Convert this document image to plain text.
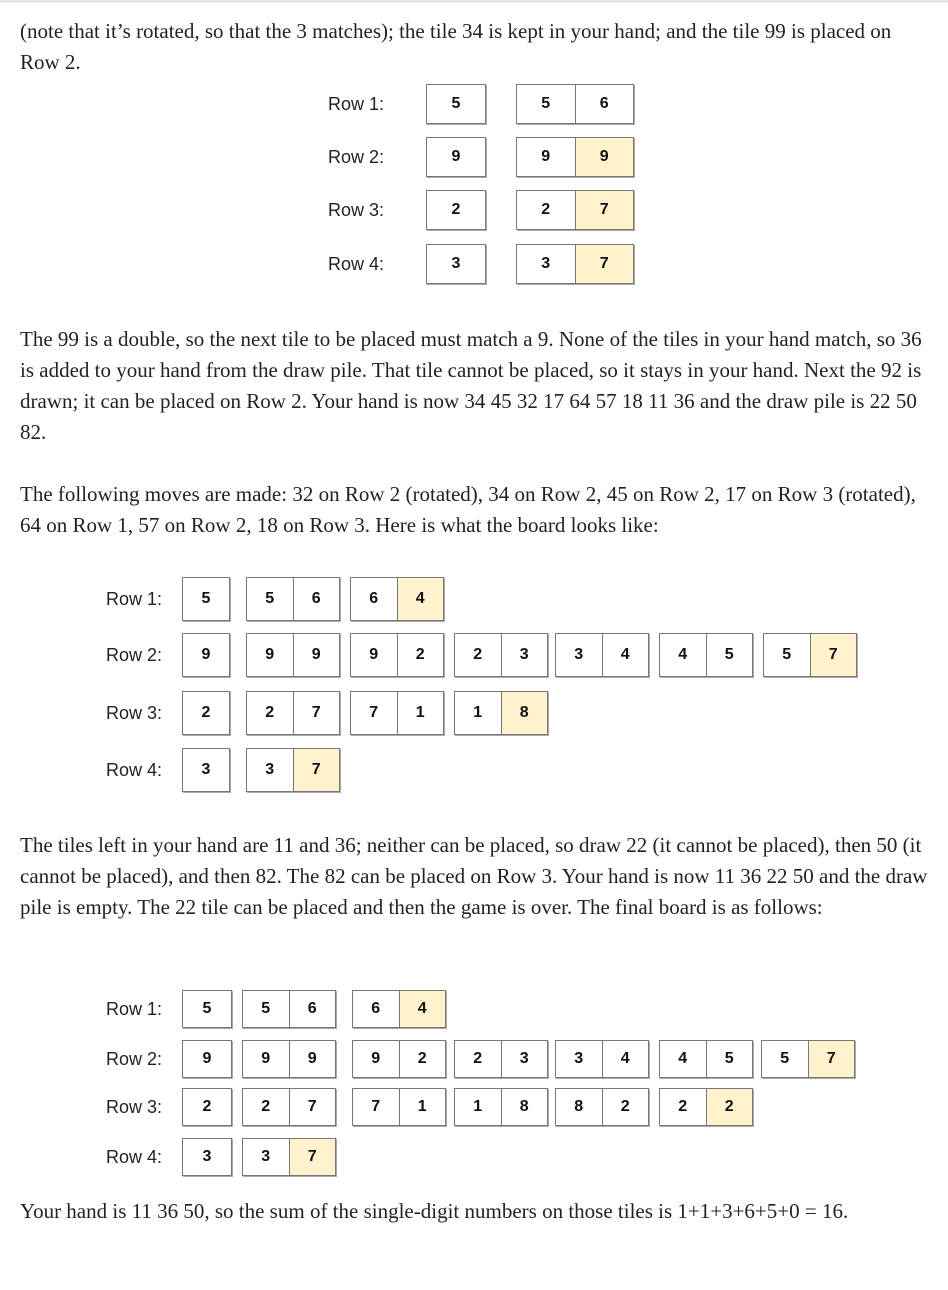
(note that it’s rotated, so that the 3 matches); the tile 34 is kept in your hand; and the tile 99 is placed on Row 2.

Row 1:	5	5	6
Row 2:	9	9	9
Row 3:	2	2	7
Row 4:	3	3	7

The 99 is a double, so the next tile to be placed must match a 9. None of the tiles in your hand match, so 36 is added to your hand from the draw pile. That tile cannot be placed, so it stays in your hand. Next the 92 is drawn; it can be placed on Row 2. Your hand is now 34 45 32 17 64 57 18 11 36 and the draw pile is 22 50 82.

The following moves are made: 32 on Row 2 (rotated), 34 on Row 2, 45 on Row 2, 17 on Row 3 (rotated), 64 on Row 1, 57 on Row 2, 18 on Row 3. Here is what the board looks like:

Row 1:	5	5	6	6	4
Row 2:	9	9	9	9	2	2	3	3	4	4	5	5	7
Row 3:	2	2	7	7	1	1	8
Row 4:	3	3	7

The tiles left in your hand are 11 and 36; neither can be placed, so draw 22 (it cannot be placed), then 50 (it cannot be placed), and then 82. The 82 can be placed on Row 3. Your hand is now 11 36 22 50 and the draw pile is empty. The 22 tile can be placed and then the game is over. The final board is as follows:

Row 1:	5	5	6	6	4
Row 2:	9	9	9	9	2	2	3	3	4	4	5	5	7
Row 3:	2	2	7	7	1	1	8	8	2	2	2
Row 4:	3	3	7

Your hand is 11 36 50, so the sum of the single-digit numbers on those tiles is 1+1+3+6+5+0 = 16.
